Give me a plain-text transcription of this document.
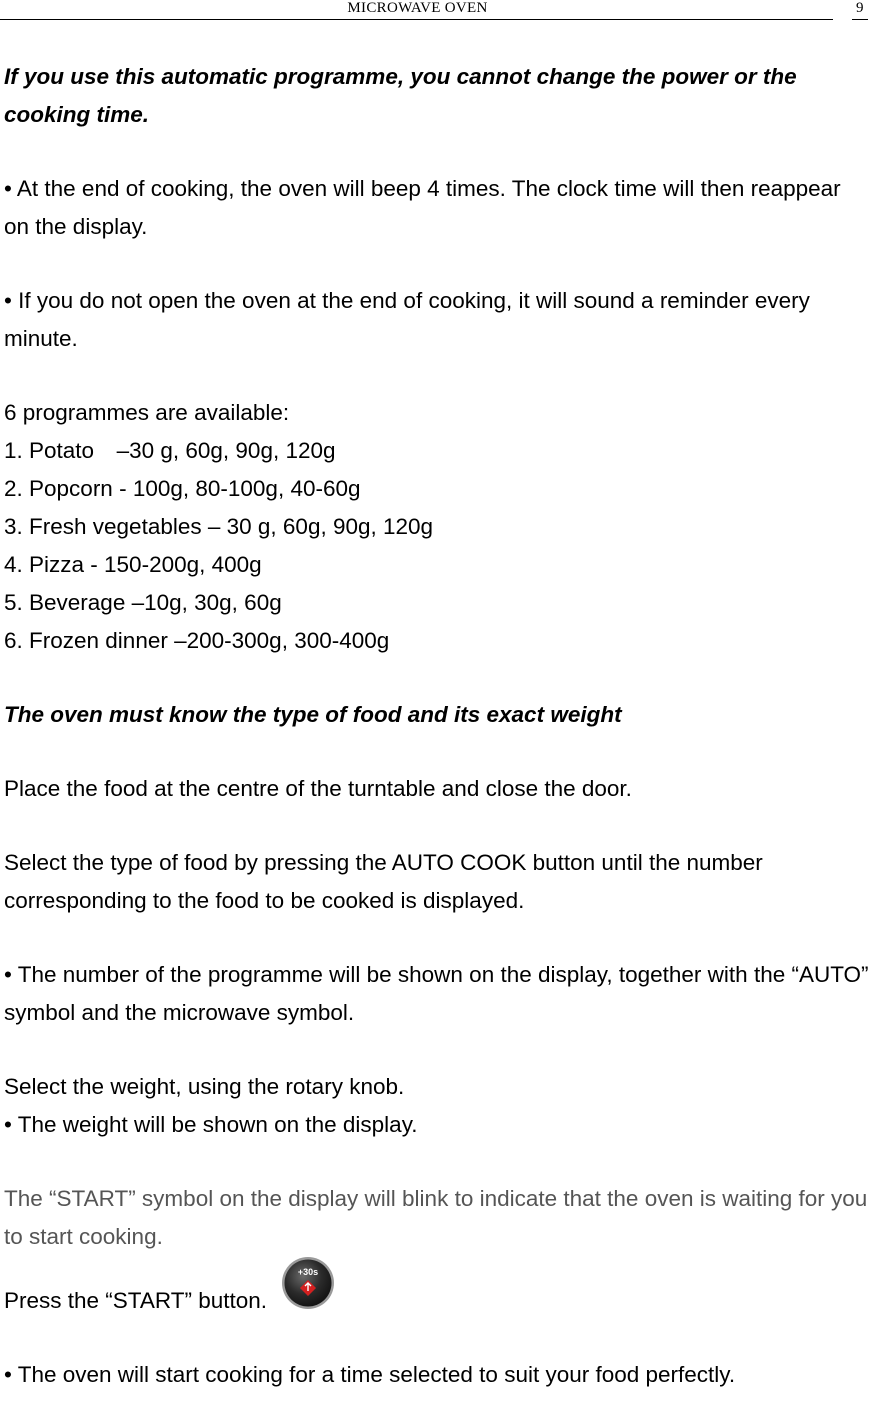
MICROWAVE OVEN	9

If you use this automatic programme, you cannot change the power or the cooking time.

• At the end of cooking, the oven will beep 4 times. The clock time will then reappear on the display.

• If you do not open the oven at the end of cooking, it will sound a reminder every minute.

6 programmes are available:

1. Potato　–30 g, 60g, 90g, 120g

2. Popcorn - 100g, 80-100g, 40-60g

3. Fresh vegetables – 30 g, 60g, 90g, 120g

4. Pizza - 150-200g, 400g

5. Beverage –10g, 30g, 60g

6. Frozen dinner –200-300g, 300-400g

The oven must know the type of food and its exact weight

Place the food at the centre of the turntable and close the door.

Select the type of food by pressing the AUTO COOK button until the number corresponding to the food to be cooked is displayed.

• The number of the programme will be shown on the display, together with the “AUTO” symbol and the microwave symbol.

Select the weight, using the rotary knob.

• The weight will be shown on the display.

The “START” symbol on the display will blink to indicate that the oven is waiting for you to start cooking.

Press the “START” button.
+30s

• The oven will start cooking for a time selected to suit your food perfectly.
